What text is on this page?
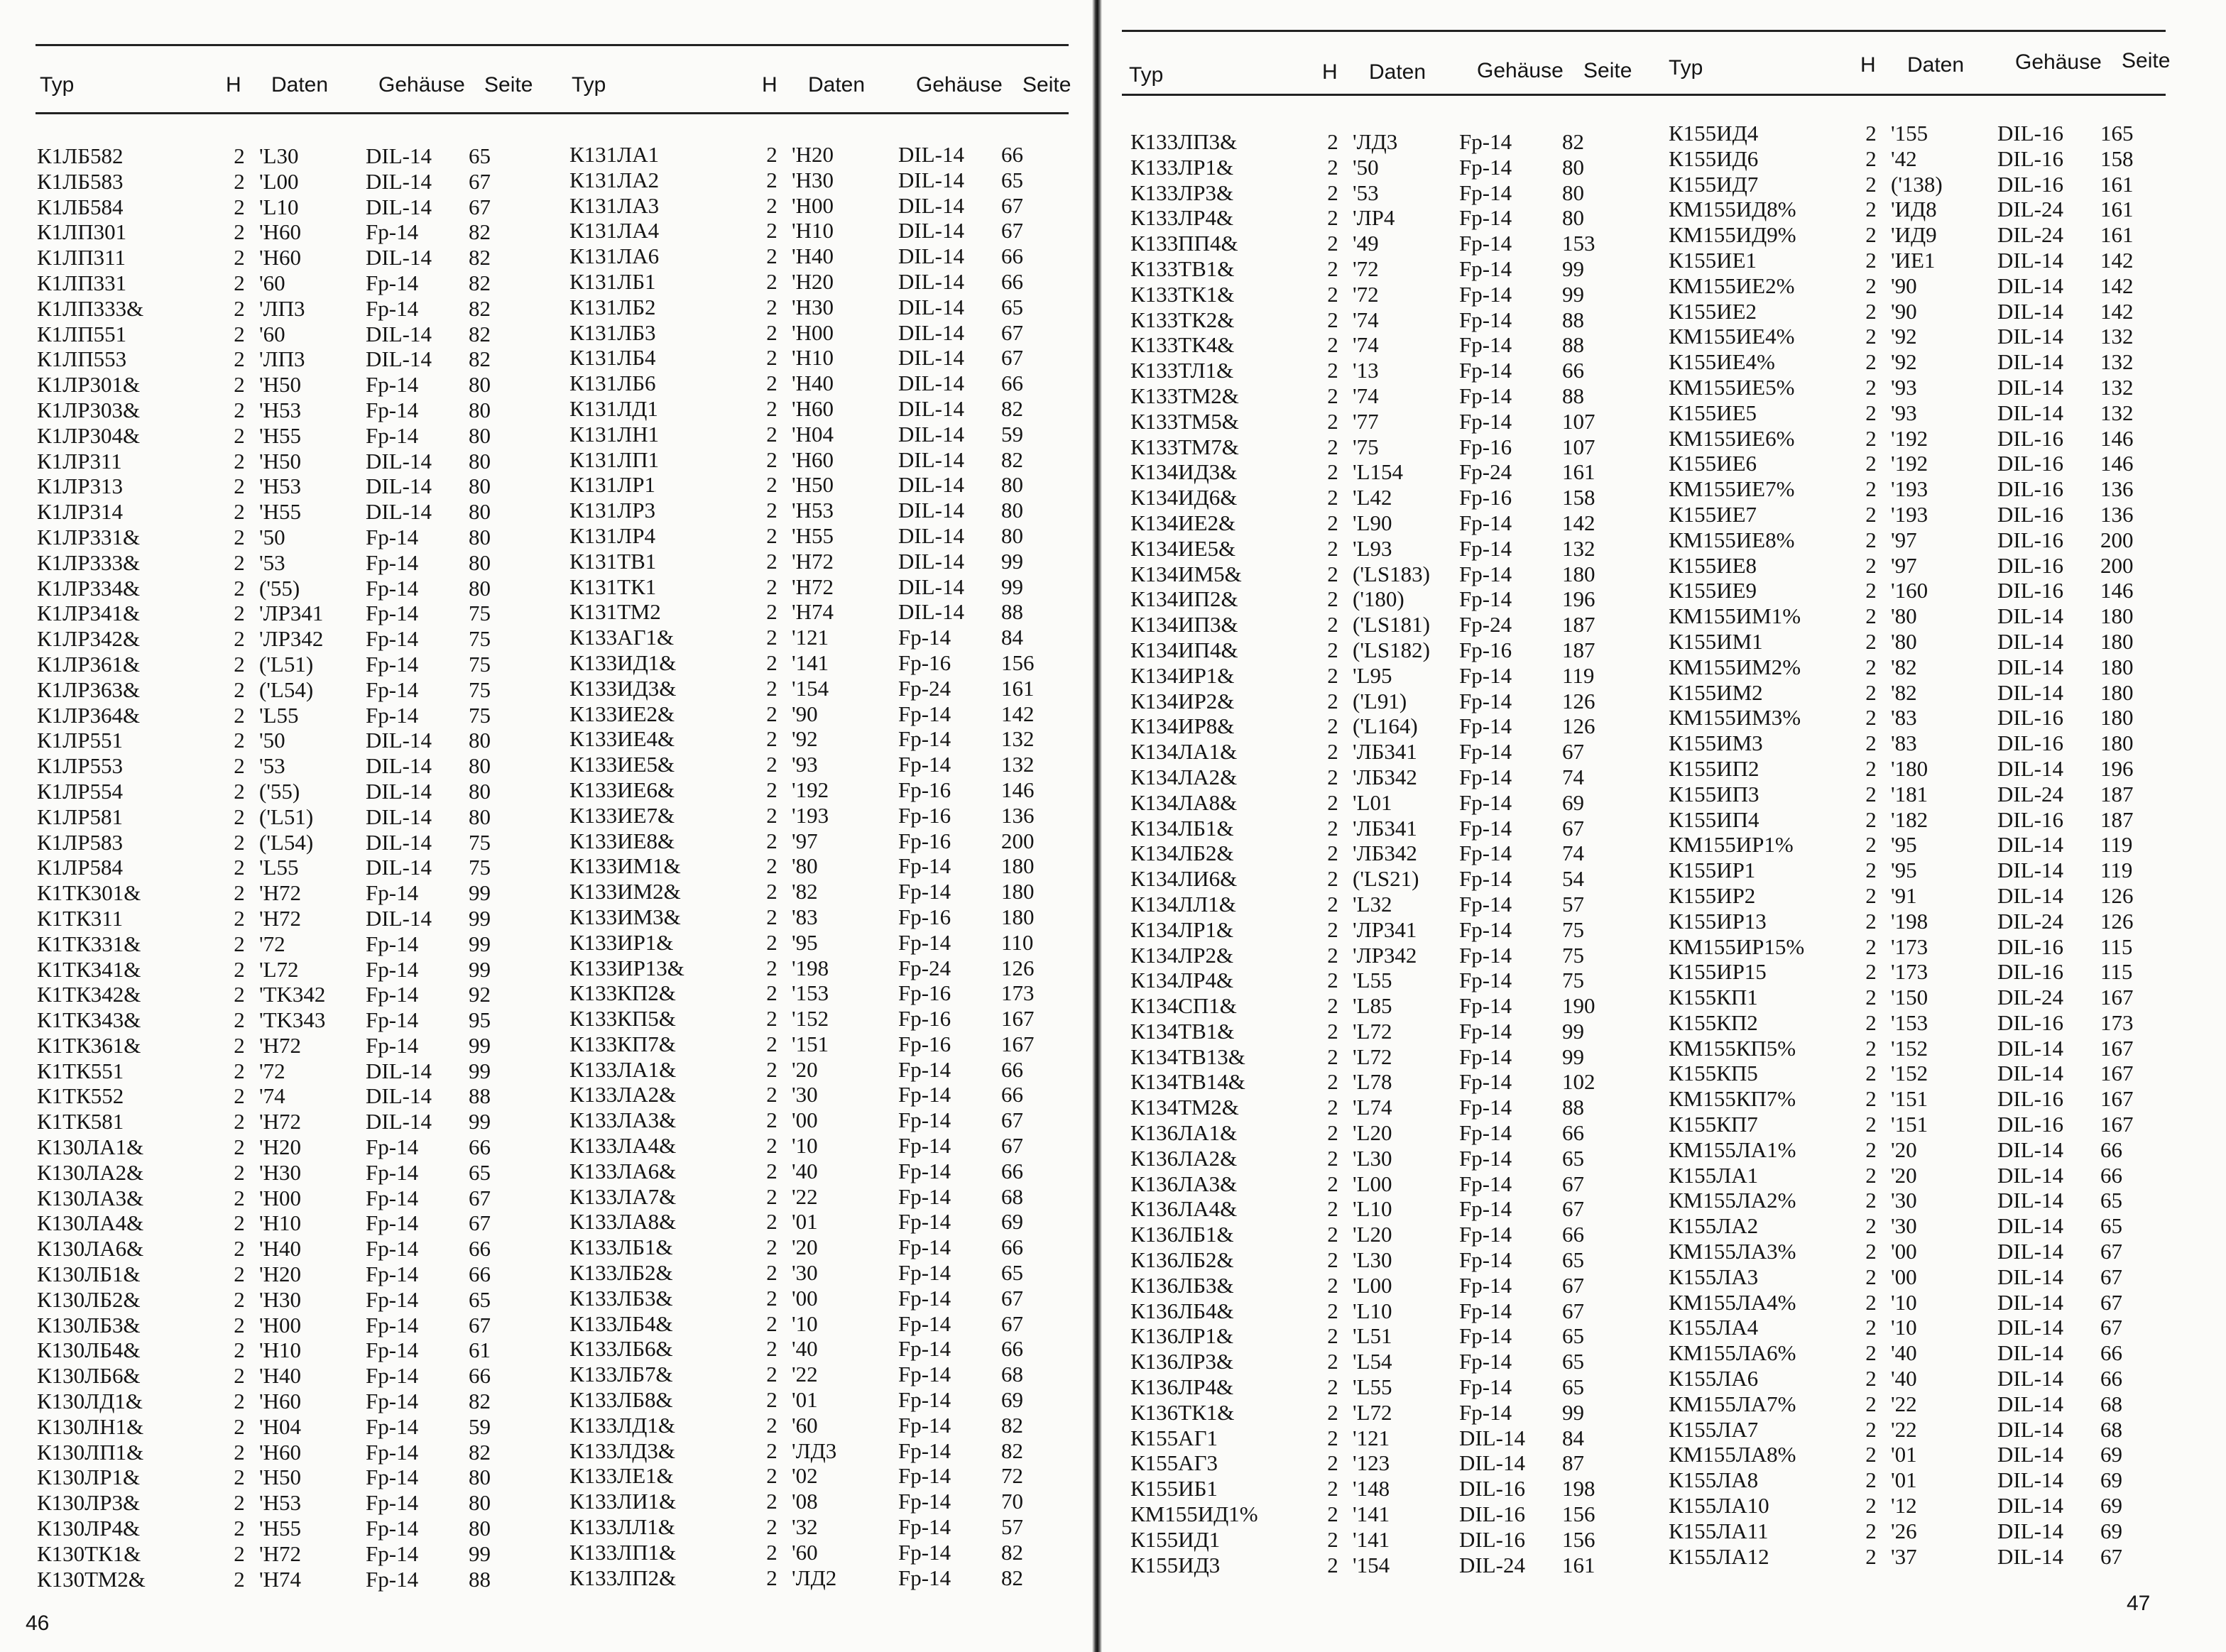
Typ	H Daten Gehäuse Seite Typ	H Daten Gehäuse Seite
К1ЛБ582	2	'L30	DIL-14	65
К1ЛБ583	2	'L00	DIL-14	67
К1ЛБ584	2	'L10	DIL-14	67
К1ЛП301	2	'H60	Fp-14	82
К1ЛП311	2	'H60	DIL-14	82
К1ЛП331	2	'60	Fp-14	82
К1ЛП333&	2	'ЛП3	Fp-14	82
К1ЛП551	2	'60	DIL-14	82
К1ЛП553	2	'ЛП3	DIL-14	82
К1ЛР301&	2	'H50	Fp-14	80
К1ЛР303&	2	'H53	Fp-14	80
К1ЛР304&	2	'H55	Fp-14	80
К1ЛР311	2	'H50	DIL-14	80
К1ЛР313	2	'H53	DIL-14	80
К1ЛР314	2	'H55	DIL-14	80
К1ЛР331&	2	'50	Fp-14	80
К1ЛР333&	2	'53	Fp-14	80
К1ЛР334&	2	('55)	Fp-14	80
К1ЛР341&	2	'ЛР341	Fp-14	75
К1ЛР342&	2	'ЛР342	Fp-14	75
К1ЛР361&	2	('L51)	Fp-14	75
К1ЛР363&	2	('L54)	Fp-14	75
К1ЛР364&	2	'L55	Fp-14	75
К1ЛР551	2	'50	DIL-14	80
К1ЛР553	2	'53	DIL-14	80
К1ЛР554	2	('55)	DIL-14	80
К1ЛР581	2	('L51)	DIL-14	80
К1ЛР583	2	('L54)	DIL-14	75
К1ЛР584	2	'L55	DIL-14	75
К1ТК301&	2	'H72	Fp-14	99
К1ТК311	2	'H72	DIL-14	99
К1ТК331&	2	'72	Fp-14	99
К1ТК341&	2	'L72	Fp-14	99
К1ТК342&	2	'TK342	Fp-14	92
К1ТК343&	2	'TK343	Fp-14	95
К1ТК361&	2	'H72	Fp-14	99
К1ТК551	2	'72	DIL-14	99
К1ТК552	2	'74	DIL-14	88
К1ТК581	2	'H72	DIL-14	99
К130ЛА1&	2	'H20	Fp-14	66
К130ЛА2&	2	'H30	Fp-14	65
К130ЛА3&	2	'H00	Fp-14	67
К130ЛА4&	2	'H10	Fp-14	67
К130ЛА6&	2	'H40	Fp-14	66
К130ЛБ1&	2	'H20	Fp-14	66
К130ЛБ2&	2	'H30	Fp-14	65
К130ЛБ3&	2	'H00	Fp-14	67
К130ЛБ4&	2	'H10	Fp-14	61
К130ЛБ6&	2	'H40	Fp-14	66
К130ЛД1&	2	'H60	Fp-14	82
К130ЛН1&	2	'H04	Fp-14	59
К130ЛП1&	2	'H60	Fp-14	82
К130ЛР1&	2	'H50	Fp-14	80
К130ЛР3&	2	'H53	Fp-14	80
К130ЛР4&	2	'H55	Fp-14	80
К130ТК1&	2	'H72	Fp-14	99
К130ТМ2&	2	'H74	Fp-14	88
К131ЛА1	2	'H20	DIL-14	66
К131ЛА2	2	'H30	DIL-14	65
К131ЛА3	2	'H00	DIL-14	67
К131ЛА4	2	'H10	DIL-14	67
К131ЛА6	2	'H40	DIL-14	66
К131ЛБ1	2	'H20	DIL-14	66
К131ЛБ2	2	'H30	DIL-14	65
К131ЛБ3	2	'H00	DIL-14	67
К131ЛБ4	2	'H10	DIL-14	67
К131ЛБ6	2	'H40	DIL-14	66
К131ЛД1	2	'H60	DIL-14	82
К131ЛН1	2	'H04	DIL-14	59
К131ЛП1	2	'H60	DIL-14	82
К131ЛР1	2	'H50	DIL-14	80
К131ЛР3	2	'H53	DIL-14	80
К131ЛР4	2	'H55	DIL-14	80
К131ТВ1	2	'H72	DIL-14	99
К131ТК1	2	'H72	DIL-14	99
К131ТМ2	2	'H74	DIL-14	88
К133АГ1&	2	'121	Fp-14	84
К133ИД1&	2	'141	Fp-16	156
К133ИД3&	2	'154	Fp-24	161
К133ИЕ2&	2	'90	Fp-14	142
К133ИЕ4&	2	'92	Fp-14	132
К133ИЕ5&	2	'93	Fp-14	132
К133ИЕ6&	2	'192	Fp-16	146
К133ИЕ7&	2	'193	Fp-16	136
К133ИЕ8&	2	'97	Fp-16	200
К133ИМ1&	2	'80	Fp-14	180
К133ИМ2&	2	'82	Fp-14	180
К133ИМ3&	2	'83	Fp-16	180
К133ИР1&	2	'95	Fp-14	110
К133ИР13&	2	'198	Fp-24	126
К133КП2&	2	'153	Fp-16	173
К133КП5&	2	'152	Fp-16	167
К133КП7&	2	'151	Fp-16	167
К133ЛА1&	2	'20	Fp-14	66
К133ЛА2&	2	'30	Fp-14	66
К133ЛА3&	2	'00	Fp-14	67
К133ЛА4&	2	'10	Fp-14	67
К133ЛА6&	2	'40	Fp-14	66
К133ЛА7&	2	'22	Fp-14	68
К133ЛА8&	2	'01	Fp-14	69
К133ЛБ1&	2	'20	Fp-14	66
К133ЛБ2&	2	'30	Fp-14	65
К133ЛБ3&	2	'00	Fp-14	67
К133ЛБ4&	2	'10	Fp-14	67
К133ЛБ6&	2	'40	Fp-14	66
К133ЛБ7&	2	'22	Fp-14	68
К133ЛБ8&	2	'01	Fp-14	69
К133ЛД1&	2	'60	Fp-14	82
К133ЛД3&	2	'ЛД3	Fp-14	82
К133ЛЕ1&	2	'02	Fp-14	72
К133ЛИ1&	2	'08	Fp-14	70
К133ЛЛ1&	2	'32	Fp-14	57
К133ЛП1&	2	'60	Fp-14	82
К133ЛП2&	2	'ЛД2	Fp-14	82
46
Typ	H Daten Gehäuse Seite Typ	H Daten Gehäuse Seite
К133ЛП3&	2	'ЛД3	Fp-14	82
К133ЛР1&	2	'50	Fp-14	80
К133ЛР3&	2	'53	Fp-14	80
К133ЛР4&	2	'ЛР4	Fp-14	80
К133ПП4&	2	'49	Fp-14	153
К133ТВ1&	2	'72	Fp-14	99
К133ТК1&	2	'72	Fp-14	99
К133ТК2&	2	'74	Fp-14	88
К133ТК4&	2	'74	Fp-14	88
К133ТЛ1&	2	'13	Fp-14	66
К133ТМ2&	2	'74	Fp-14	88
К133ТМ5&	2	'77	Fp-14	107
К133ТМ7&	2	'75	Fp-16	107
К134ИД3&	2	'L154	Fp-24	161
К134ИД6&	2	'L42	Fp-16	158
К134ИЕ2&	2	'L90	Fp-14	142
К134ИЕ5&	2	'L93	Fp-14	132
К134ИМ5&	2	('LS183)	Fp-14	180
К134ИП2&	2	('180)	Fp-14	196
К134ИП3&	2	('LS181)	Fp-24	187
К134ИП4&	2	('LS182)	Fp-16	187
К134ИР1&	2	'L95	Fp-14	119
К134ИР2&	2	('L91)	Fp-14	126
К134ИР8&	2	('L164)	Fp-14	126
К134ЛА1&	2	'ЛБ341	Fp-14	67
К134ЛА2&	2	'ЛБ342	Fp-14	74
К134ЛА8&	2	'L01	Fp-14	69
К134ЛБ1&	2	'ЛБ341	Fp-14	67
К134ЛБ2&	2	'ЛБ342	Fp-14	74
К134ЛИ6&	2	('LS21)	Fp-14	54
К134ЛЛ1&	2	'L32	Fp-14	57
К134ЛР1&	2	'ЛР341	Fp-14	75
К134ЛР2&	2	'ЛР342	Fp-14	75
К134ЛР4&	2	'L55	Fp-14	75
К134СП1&	2	'L85	Fp-14	190
К134ТВ1&	2	'L72	Fp-14	99
К134ТВ13&	2	'L72	Fp-14	99
К134ТВ14&	2	'L78	Fp-14	102
К134ТМ2&	2	'L74	Fp-14	88
К136ЛА1&	2	'L20	Fp-14	66
К136ЛА2&	2	'L30	Fp-14	65
К136ЛА3&	2	'L00	Fp-14	67
К136ЛА4&	2	'L10	Fp-14	67
К136ЛБ1&	2	'L20	Fp-14	66
К136ЛБ2&	2	'L30	Fp-14	65
К136ЛБ3&	2	'L00	Fp-14	67
К136ЛБ4&	2	'L10	Fp-14	67
К136ЛР1&	2	'L51	Fp-14	65
К136ЛР3&	2	'L54	Fp-14	65
К136ЛР4&	2	'L55	Fp-14	65
К136ТК1&	2	'L72	Fp-14	99
К155АГ1	2	'121	DIL-14	84
К155АГ3	2	'123	DIL-14	87
К155ИБ1	2	'148	DIL-16	198
КМ155ИД1%	2	'141	DIL-16	156
К155ИД1	2	'141	DIL-16	156
К155ИД3	2	'154	DIL-24	161
К155ИД4	2	'155	DIL-16	165
К155ИД6	2	'42	DIL-16	158
К155ИД7	2	('138)	DIL-16	161
КМ155ИД8%	2	'ИД8	DIL-24	161
КМ155ИД9%	2	'ИД9	DIL-24	161
К155ИЕ1	2	'ИЕ1	DIL-14	142
КМ155ИЕ2%	2	'90	DIL-14	142
К155ИЕ2	2	'90	DIL-14	142
КМ155ИЕ4%	2	'92	DIL-14	132
К155ИЕ4%	2	'92	DIL-14	132
КМ155ИЕ5%	2	'93	DIL-14	132
К155ИЕ5	2	'93	DIL-14	132
КМ155ИЕ6%	2	'192	DIL-16	146
К155ИЕ6	2	'192	DIL-16	146
КМ155ИЕ7%	2	'193	DIL-16	136
К155ИЕ7	2	'193	DIL-16	136
КМ155ИЕ8%	2	'97	DIL-16	200
К155ИЕ8	2	'97	DIL-16	200
К155ИЕ9	2	'160	DIL-16	146
КМ155ИМ1%	2	'80	DIL-14	180
К155ИМ1	2	'80	DIL-14	180
КМ155ИМ2%	2	'82	DIL-14	180
К155ИМ2	2	'82	DIL-14	180
КМ155ИМ3%	2	'83	DIL-16	180
К155ИМ3	2	'83	DIL-16	180
К155ИП2	2	'180	DIL-14	196
К155ИП3	2	'181	DIL-24	187
К155ИП4	2	'182	DIL-16	187
КМ155ИР1%	2	'95	DIL-14	119
К155ИР1	2	'95	DIL-14	119
К155ИР2	2	'91	DIL-14	126
К155ИР13	2	'198	DIL-24	126
КМ155ИР15%	2	'173	DIL-16	115
К155ИР15	2	'173	DIL-16	115
К155КП1	2	'150	DIL-24	167
К155КП2	2	'153	DIL-16	173
КМ155КП5%	2	'152	DIL-14	167
К155КП5	2	'152	DIL-14	167
КМ155КП7%	2	'151	DIL-16	167
К155КП7	2	'151	DIL-16	167
КМ155ЛА1%	2	'20	DIL-14	66
К155ЛА1	2	'20	DIL-14	66
КМ155ЛА2%	2	'30	DIL-14	65
К155ЛА2	2	'30	DIL-14	65
КМ155ЛА3%	2	'00	DIL-14	67
К155ЛА3	2	'00	DIL-14	67
КМ155ЛА4%	2	'10	DIL-14	67
К155ЛА4	2	'10	DIL-14	67
КМ155ЛА6%	2	'40	DIL-14	66
К155ЛА6	2	'40	DIL-14	66
КМ155ЛА7%	2	'22	DIL-14	68
К155ЛА7	2	'22	DIL-14	68
КМ155ЛА8%	2	'01	DIL-14	69
К155ЛА8	2	'01	DIL-14	69
К155ЛА10	2	'12	DIL-14	69
К155ЛА11	2	'26	DIL-14	69
К155ЛА12	2	'37	DIL-14	67
47
